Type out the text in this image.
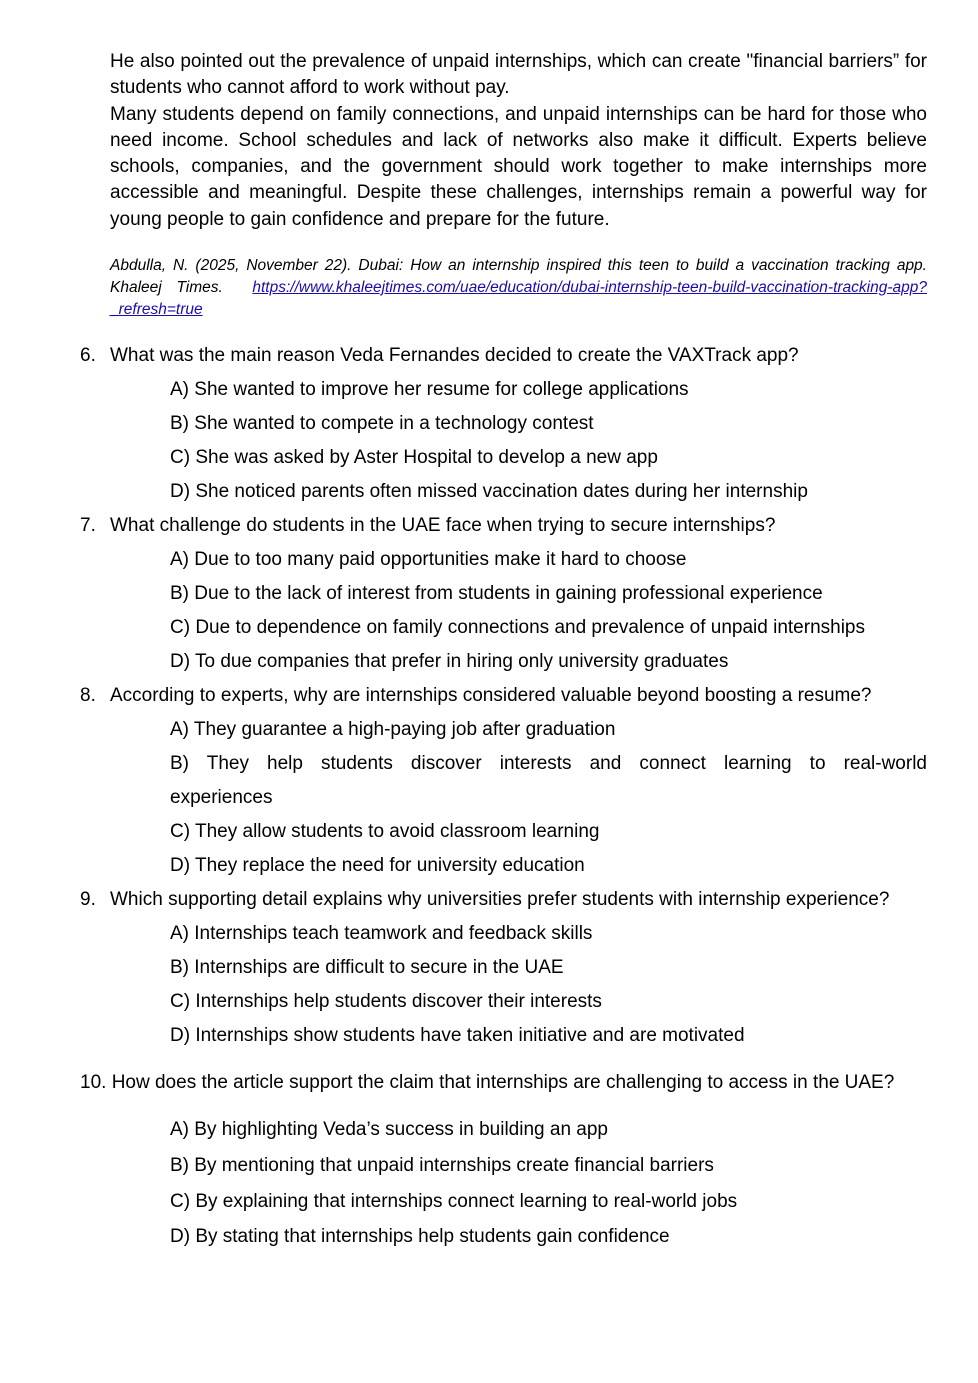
He also pointed out the prevalence of unpaid internships, which can create "financial barriers” for students who cannot afford to work without pay.

Many students depend on family connections, and unpaid internships can be hard for those who need income. School schedules and lack of networks also make it difficult. Experts believe schools, companies, and the government should work together to make internships more accessible and meaningful. Despite these challenges, internships remain a powerful way for young people to gain confidence and prepare for the future.

Abdulla, N. (2025, November 22). Dubai: How an internship inspired this teen to build a vaccination tracking app. Khaleej Times. https://www.khaleejtimes.com/uae/education/dubai-internship-teen-build-vaccination-tracking-app?_refresh=true
6. What was the main reason Veda Fernandes decided to create the VAXTrack app?
A) She wanted to improve her resume for college applications
B) She wanted to compete in a technology contest
C) She was asked by Aster Hospital to develop a new app
D) She noticed parents often missed vaccination dates during her internship
7. What challenge do students in the UAE face when trying to secure internships?
A) Due to too many paid opportunities make it hard to choose
B) Due to the lack of interest from students in gaining professional experience
C) Due to dependence on family connections and prevalence of unpaid internships
D) To due companies that prefer in hiring only university graduates
8. According to experts, why are internships considered valuable beyond boosting a resume?
A) They guarantee a high-paying job after graduation
B) They help students discover interests and connect learning to real-world
experiences
C) They allow students to avoid classroom learning
D) They replace the need for university education
9. Which supporting detail explains why universities prefer students with internship experience?
A) Internships teach teamwork and feedback skills
B) Internships are difficult to secure in the UAE
C) Internships help students discover their interests
D) Internships show students have taken initiative and are motivated
10. How does the article support the claim that internships are challenging to access in the UAE?
A) By highlighting Veda’s success in building an app
B) By mentioning that unpaid internships create financial barriers
C) By explaining that internships connect learning to real-world jobs
D) By stating that internships help students gain confidence
